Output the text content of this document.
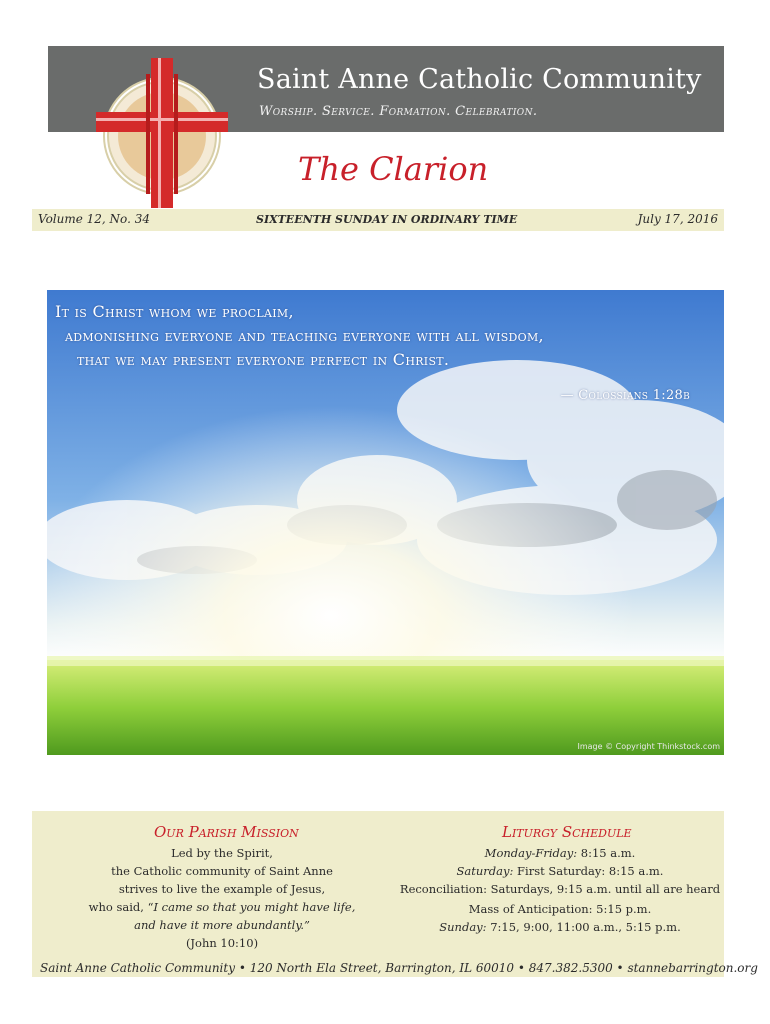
Saint Anne Catholic Community
Worship. Service. Formation. Celebration.
The Clarion
Volume 12, No. 34	SIXTEENTH SUNDAY IN ORDINARY TIME	July 17, 2016
It is Christ whom we proclaim,
admonishing everyone and teaching everyone with all wisdom,
that we may present everyone perfect in Christ.
— Colossians 1:28b
Image © Copyright Thinkstock.com
Our Parish Mission
Led by the Spirit,
the Catholic community of Saint Anne
strives to live the example of Jesus,
who said, “I came so that you might have life,
and have it more abundantly.”
(John 10:10)
Liturgy Schedule
Monday-Friday: 8:15 a.m.
Saturday: First Saturday: 8:15 a.m.
Reconciliation: Saturdays, 9:15 a.m. until all are heard
Mass of Anticipation: 5:15 p.m.
Sunday: 7:15, 9:00, 11:00 a.m., 5:15 p.m.
Saint Anne Catholic Community • 120 North Ela Street, Barrington, IL 60010 • 847.382.5300 • stannebarrington.org
